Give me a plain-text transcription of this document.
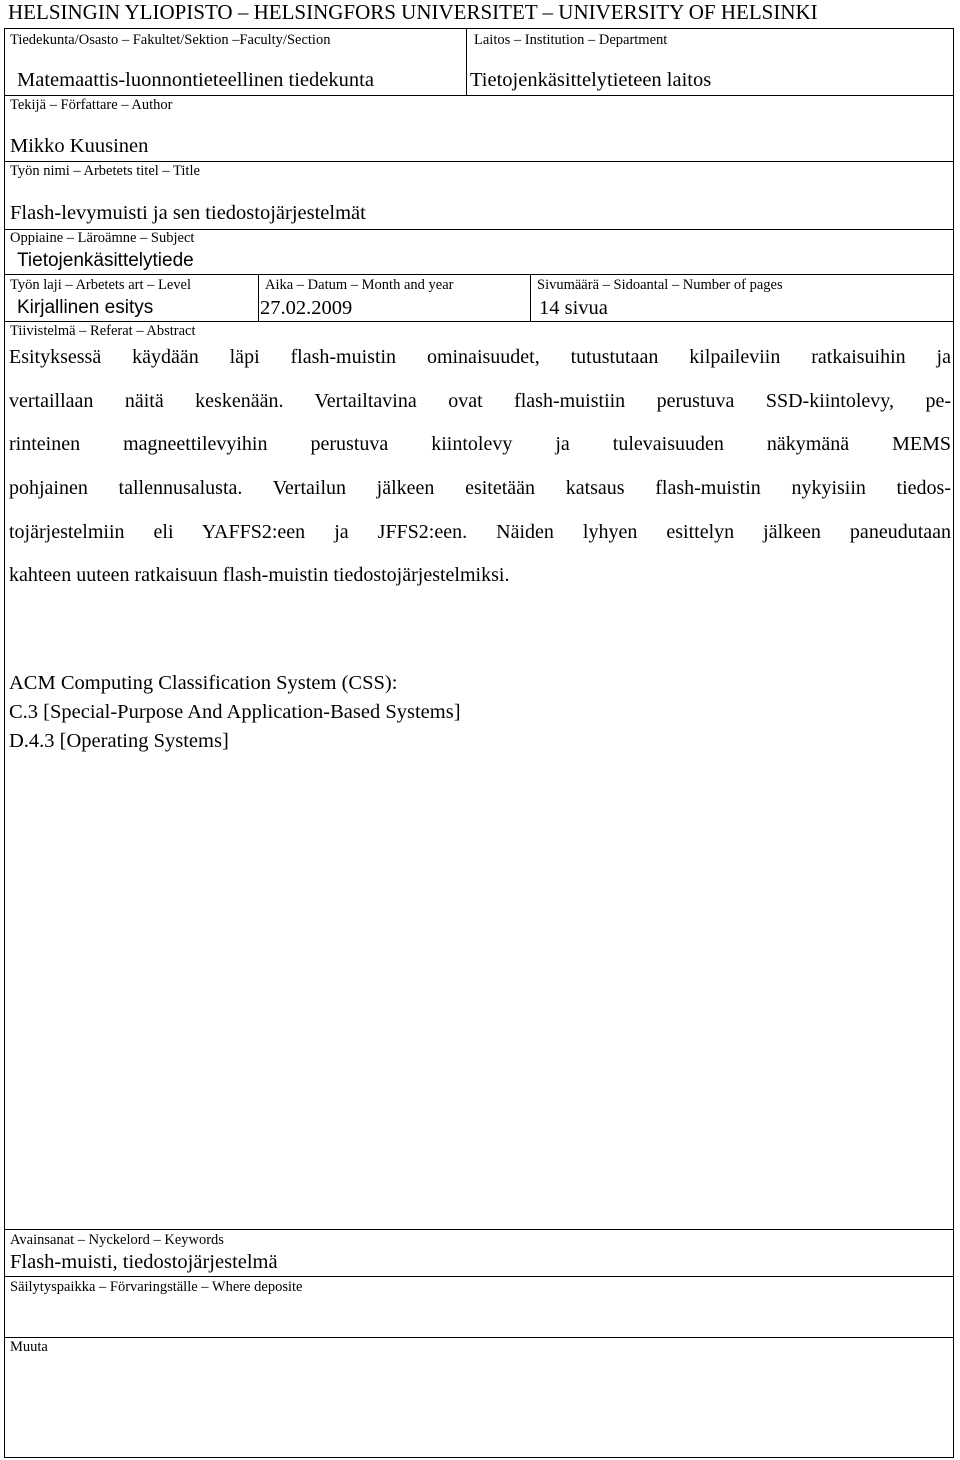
HELSINGIN YLIOPISTO – HELSINGFORS UNIVERSITET – UNIVERSITY OF HELSINKI
Tiedekunta/Osasto – Fakultet/Sektion –Faculty/Section
Matemaattis-luonnontieteellinen tiedekunta
Laitos – Institution – Department
Tietojenkäsittelytieteen laitos
Tekijä – Författare – Author
Mikko Kuusinen
Työn nimi – Arbetets titel – Title
Flash-levymuisti ja sen tiedostojärjestelmät
Oppiaine – Läroämne – Subject
Tietojenkäsittelytiede
Työn laji – Arbetets art – Level
Kirjallinen esitys
Aika – Datum – Month and year
27.02.2009
Sivumäärä – Sidoantal – Number of pages
14 sivua
Tiivistelmä – Referat – Abstract
Esityksessä käydään läpi flash-muistin ominaisuudet, tutustutaan kilpaileviin ratkaisuihin ja
vertaillaan näitä keskenään. Vertailtavina ovat flash-muistiin perustuva SSD-kiintolevy, pe-
rinteinen magneettilevyihin perustuva kiintolevy ja tulevaisuuden näkymänä MEMS
pohjainen tallennusalusta. Vertailun jälkeen esitetään katsaus flash-muistin nykyisiin tiedos-
tojärjestelmiin eli YAFFS2:een ja JFFS2:een. Näiden lyhyen esittelyn jälkeen paneudutaan
kahteen uuteen ratkaisuun flash-muistin tiedostojärjestelmiksi.
ACM Computing Classification System (CSS):
C.3 [Special-Purpose And Application-Based Systems]
D.4.3 [Operating Systems]
Avainsanat – Nyckelord – Keywords
Flash-muisti, tiedostojärjestelmä
Säilytyspaikka – Förvaringställe – Where deposite
Muuta
